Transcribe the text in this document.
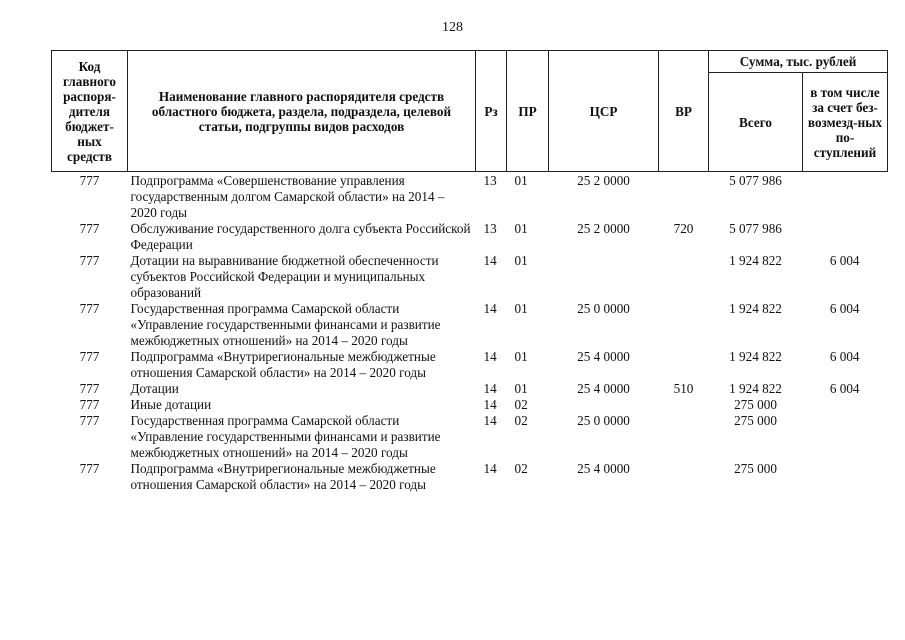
128
Код главного распоря-дителя бюджет-ных средств	Наименование главного распорядителя средств областного бюджета, раздела, подраздела, целевой статьи, подгруппы видов расходов	Рз	ПР	ЦСР	ВР	Сумма, тыс. рублей	
						Всего	в том числе за счет без-возмезд-ных по-ступлений
777	Подпрограмма «Совершенствование управления государственным долгом Самарской области» на 2014 – 2020 годы	13	01	25 2 0000		5 077 986	
777	Обслуживание государственного долга субъекта Российской Федерации	13	01	25 2 0000	720	5 077 986	
777	Дотации на выравнивание бюджетной обеспеченности субъектов Российской Федерации и муниципальных образований	14	01			1 924 822	6 004
777	Государственная программа Самарской области «Управление государственными финансами и развитие межбюджетных отношений» на 2014 – 2020 годы	14	01	25 0 0000		1 924 822	6 004
777	Подпрограмма «Внутрирегиональные межбюджетные отношения Самарской области» на 2014 – 2020 годы	14	01	25 4 0000		1 924 822	6 004
777	Дотации	14	01	25 4 0000	510	1 924 822	6 004
777	Иные дотации	14	02			275 000	
777	Государственная программа Самарской области «Управление государственными финансами и развитие межбюджетных отношений» на 2014 – 2020 годы	14	02	25 0 0000		275 000	
777	Подпрограмма «Внутрирегиональные межбюджетные отношения Самарской области» на 2014 – 2020 годы	14	02	25 4 0000		275 000	
